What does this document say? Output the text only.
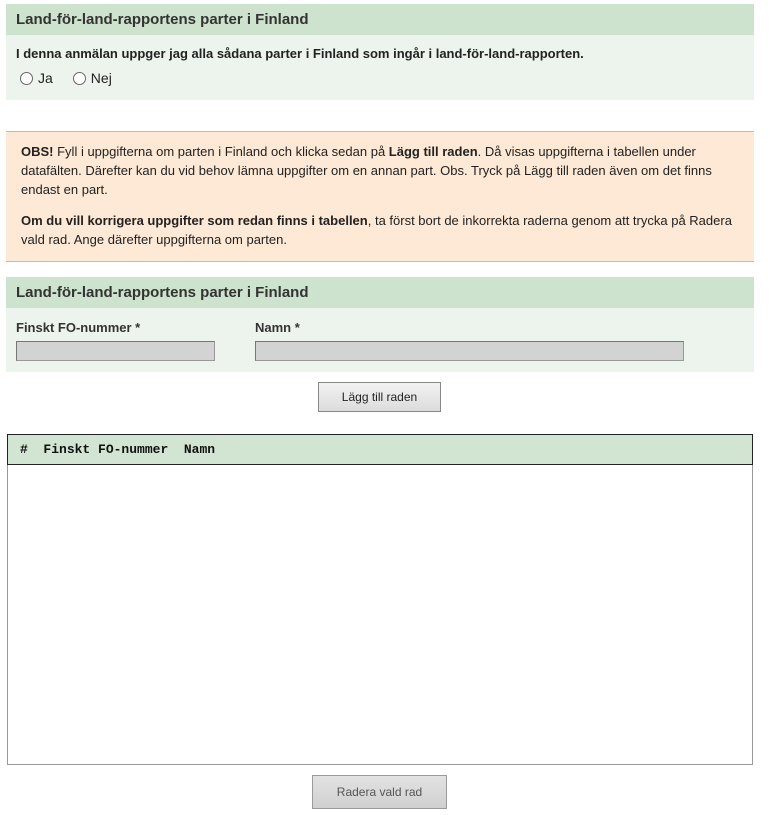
Land-för-land-rapportens parter i Finland
I denna anmälan uppger jag alla sådana parter i Finland som ingår i land-för-land-rapporten.
Ja	Nej

OBS! Fyll i uppgifterna om parten i Finland och klicka sedan på Lägg till raden. Då visas uppgifterna i tabellen under datafälten. Därefter kan du vid behov lämna uppgifter om en annan part. Obs. Tryck på Lägg till raden även om det finns endast en part.

Om du vill korrigera uppgifter som redan finns i tabellen, ta först bort de inkorrekta raderna genom att trycka på Radera vald rad. Ange därefter uppgifterna om parten.

Land-för-land-rapportens parter i Finland
Finskt FO-nummer *	Namn *
Lägg till raden
# Finskt FO-nummer Namn
Radera vald rad
